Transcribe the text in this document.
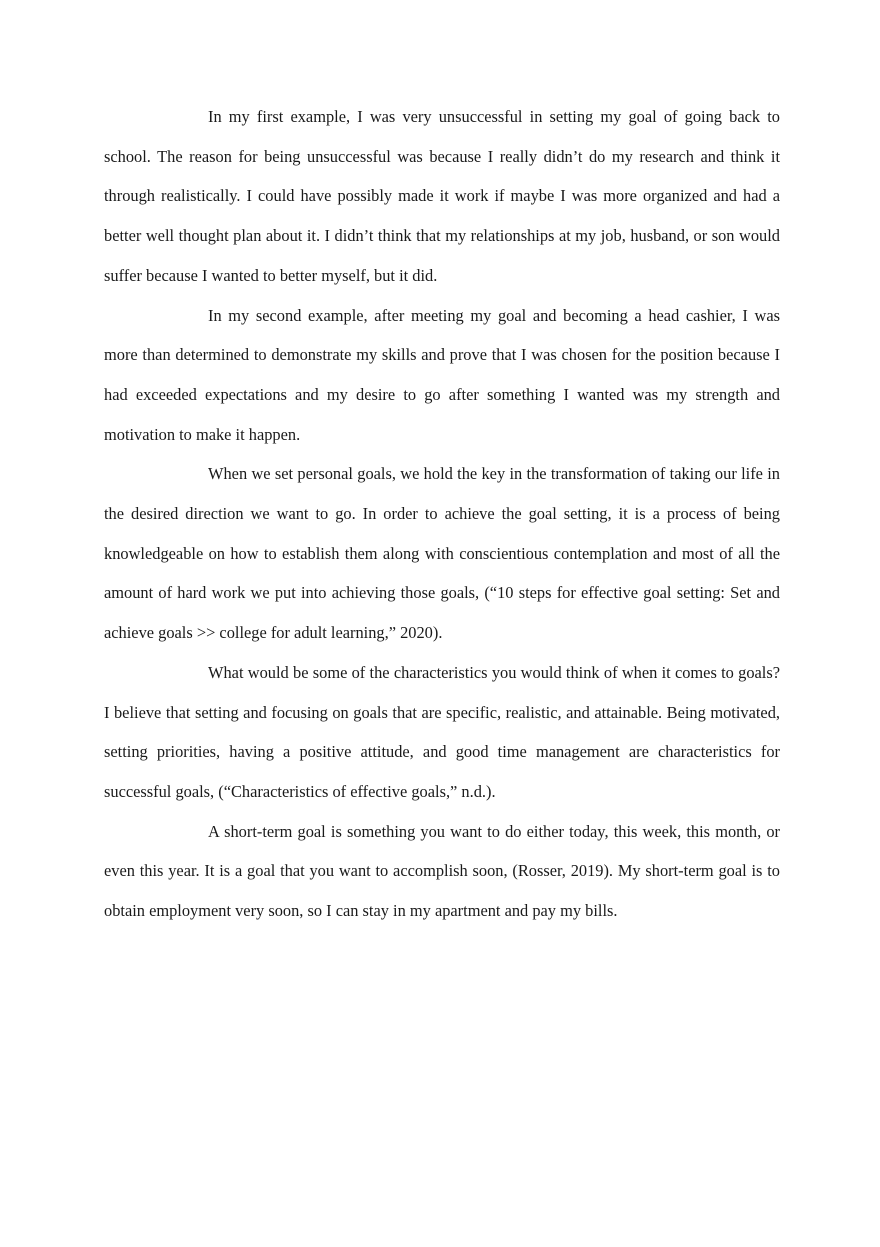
In my first example, I was very unsuccessful in setting my goal of going back to school. The reason for being unsuccessful was because I really didn’t do my research and think it through realistically. I could have possibly made it work if maybe I was more organized and had a better well thought plan about it. I didn’t think that my relationships at my job, husband, or son would suffer because I wanted to better myself, but it did.

In my second example, after meeting my goal and becoming a head cashier, I was more than determined to demonstrate my skills and prove that I was chosen for the position because I had exceeded expectations and my desire to go after something I wanted was my strength and motivation to make it happen.

When we set personal goals, we hold the key in the transformation of taking our life in the desired direction we want to go. In order to achieve the goal setting, it is a process of being knowledgeable on how to establish them along with conscientious contemplation and most of all the amount of hard work we put into achieving those goals, (“10 steps for effective goal setting: Set and achieve goals >> college for adult learning,” 2020).

What would be some of the characteristics you would think of when it comes to goals? I believe that setting and focusing on goals that are specific, realistic, and attainable. Being motivated, setting priorities, having a positive attitude, and good time management are characteristics for successful goals, (“Characteristics of effective goals,” n.d.).

A short-term goal is something you want to do either today, this week, this month, or even this year. It is a goal that you want to accomplish soon, (Rosser, 2019). My short-term goal is to obtain employment very soon, so I can stay in my apartment and pay my bills.
